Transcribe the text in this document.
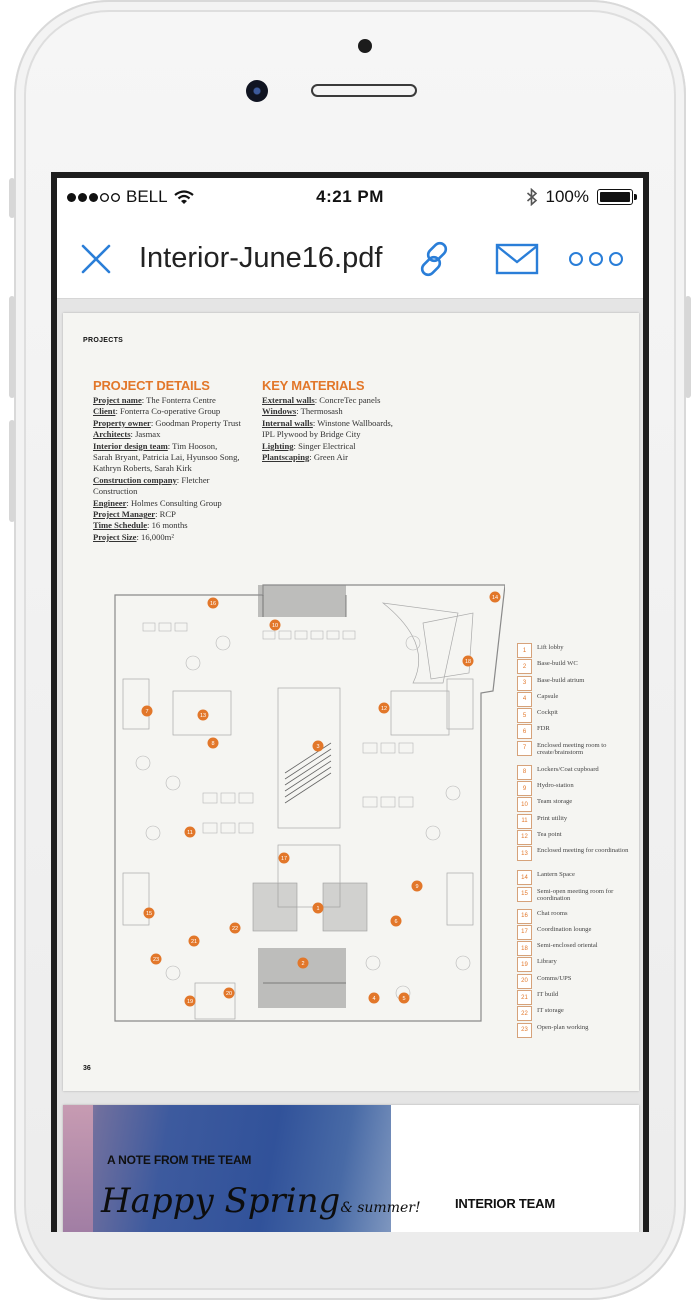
BELL	4:21 PM	100%
Interior-June16.pdf
PROJECTS
PROJECT DETAILS
Project name: The Fonterra Centre
Client: Fonterra Co-operative Group
Property owner: Goodman Property Trust
Architects: Jasmax
Interior design team: Tim Hooson,
Sarah Bryant, Patricia Lai, Hyunsoo Song,
Kathryn Roberts, Sarah Kirk
Construction company: Fletcher
Construction
Engineer: Holmes Consulting Group
Project Manager: RCP
Time Schedule: 16 months
Project Size: 16,000m²
KEY MATERIALS
External walls: ConcreTec panels
Windows: Thermosash
Internal walls: Winstone Wallboards,
IPL Plywood by Bridge City
Lighting: Singer Electrical
Plantscaping: Green Air
1
2
3
4	5
6
7
8
9
10
11
12
13
14
15
16
17
18
19
20
21
22
23
1	Lift lobby
2	Base-build WC
3	Base-build atrium
4	Capsule
5	Cockpit
6	FDR
7	Enclosed meeting room to create/brainstorm
8	Lockers/Coat cupboard
9	Hydro-station
10	Team storage
11	Print utility
12	Tea point
13	Enclosed meeting for coordination
14	Lantern Space
15	Semi-open meeting room for coordination
16	Chat rooms
17	Coordination lounge
18	Semi-enclosed oriental
19	Library
20	Comms/UPS
21	IT build
22	IT storage
23	Open-plan working
36
A NOTE FROM THE TEAM
Happy Spring& summer!	INTERIOR TEAM
